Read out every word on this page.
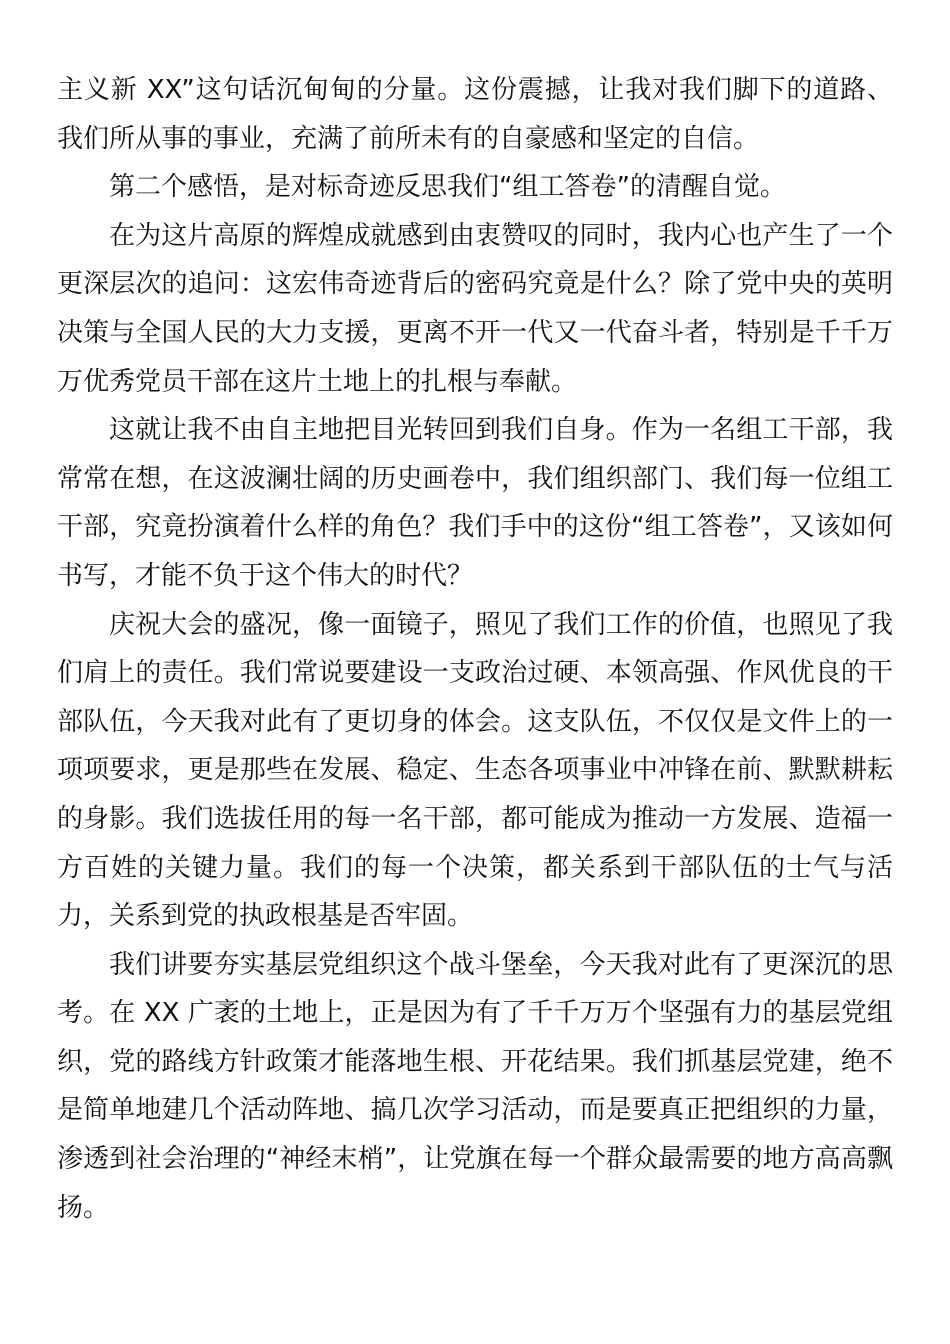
主义新 XX”这句话沉甸甸的分量。这份震撼，让我对我们脚下的道路、我们所从事的事业，充满了前所未有的自豪感和坚定的自信。

第二个感悟，是对标奇迹反思我们“组工答卷”的清醒自觉。

在为这片高原的辉煌成就感到由衷赞叹的同时，我内心也产生了一个更深层次的追问：这宏伟奇迹背后的密码究竟是什么？除了党中央的英明决策与全国人民的大力支援，更离不开一代又一代奋斗者，特别是千千万万优秀党员干部在这片土地上的扎根与奉献。

这就让我不由自主地把目光转回到我们自身。作为一名组工干部，我常常在想，在这波澜壮阔的历史画卷中，我们组织部门、我们每一位组工干部，究竟扮演着什么样的角色？我们手中的这份“组工答卷”，又该如何书写，才能不负于这个伟大的时代？

庆祝大会的盛况，像一面镜子，照见了我们工作的价值，也照见了我们肩上的责任。我们常说要建设一支政治过硬、本领高强、作风优良的干部队伍，今天我对此有了更切身的体会。这支队伍，不仅仅是文件上的一项项要求，更是那些在发展、稳定、生态各项事业中冲锋在前、默默耕耘的身影。我们选拔任用的每一名干部，都可能成为推动一方发展、造福一方百姓的关键力量。我们的每一个决策，都关系到干部队伍的士气与活力，关系到党的执政根基是否牢固。

我们讲要夯实基层党组织这个战斗堡垒，今天我对此有了更深沉的思考。在 XX 广袤的土地上，正是因为有了千千万万个坚强有力的基层党组织，党的路线方针政策才能落地生根、开花结果。我们抓基层党建，绝不是简单地建几个活动阵地、搞几次学习活动，而是要真正把组织的力量，渗透到社会治理的“神经末梢”，让党旗在每一个群众最需要的地方高高飘扬。
